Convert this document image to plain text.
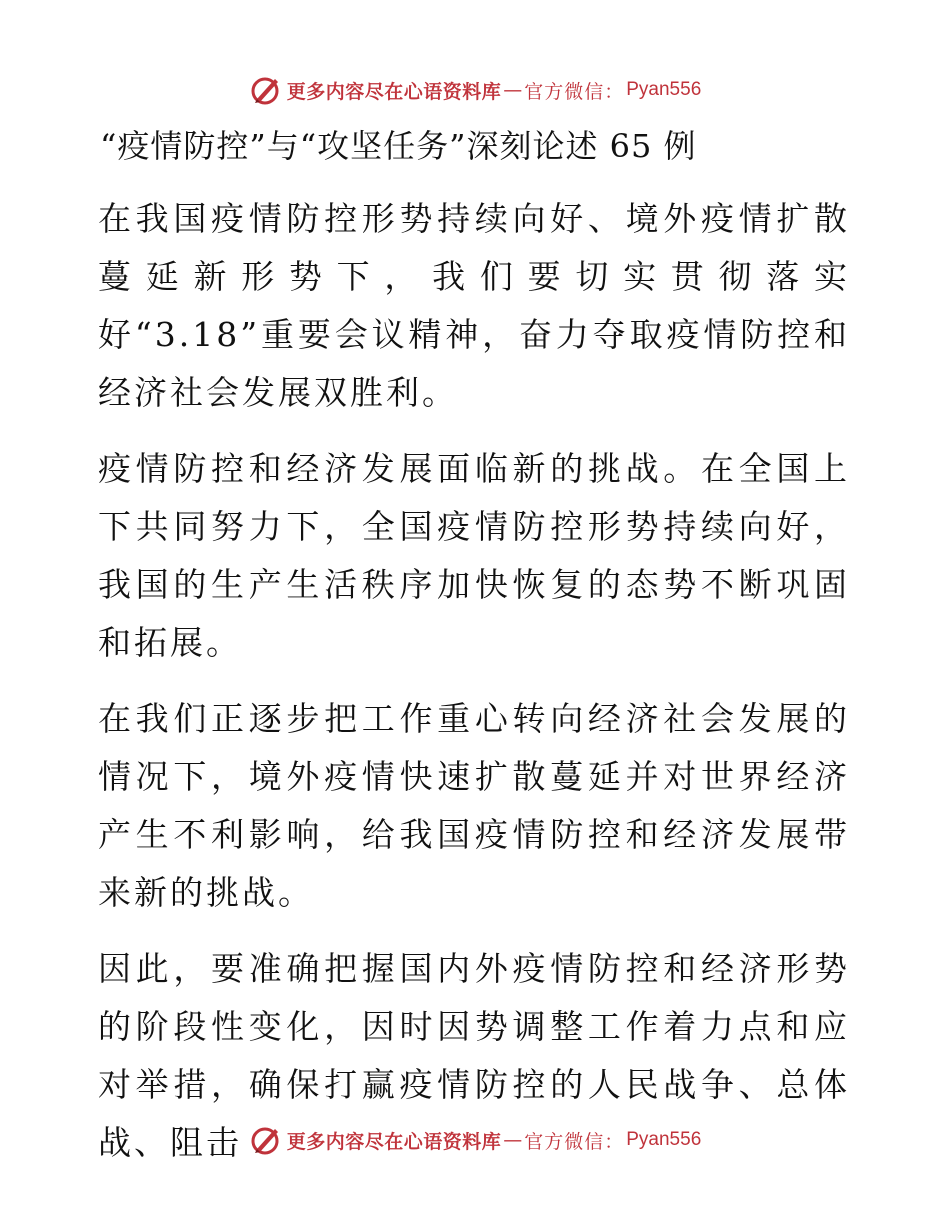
更多内容尽在心语资料库 — 官方微信： Pyan556
“疫情防控”与“攻坚任务”深刻论述 65 例

在我国疫情防控形势持续向好、境外疫情扩散蔓延新形势下，我们要切实贯彻落实好“3.18”重要会议精神，奋力夺取疫情防控和经济社会发展双胜利。

疫情防控和经济发展面临新的挑战。在全国上下共同努力下，全国疫情防控形势持续向好，我国的生产生活秩序加快恢复的态势不断巩固和拓展。

在我们正逐步把工作重心转向经济社会发展的情况下，境外疫情快速扩散蔓延并对世界经济产生不利影响，给我国疫情防控和经济发展带来新的挑战。

因此，要准确把握国内外疫情防控和经济形势的阶段性变化，因时因势调整工作着力点和应对举措，确保打赢疫情防控的人民战争、总体战、阻击	更多内容尽在心语资料库 — 官方微信： Pyan556
